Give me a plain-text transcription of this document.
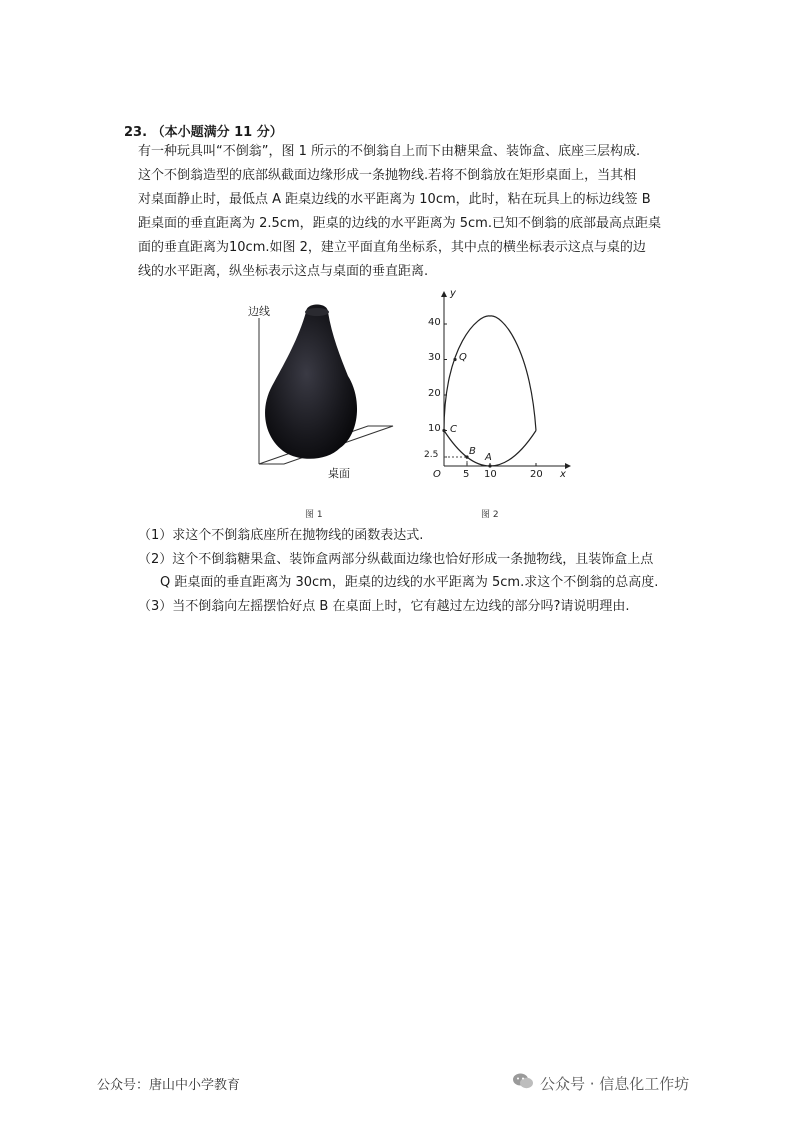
23. （本小题满分 11 分）
有一种玩具叫“不倒翁”，图 1 所示的不倒翁自上而下由糖果盒、装饰盒、底座三层构成.
这个不倒翁造型的底部纵截面边缘形成一条抛物线.若将不倒翁放在矩形桌面上，当其相
对桌面静止时，最低点 A 距桌边线的水平距离为 10cm，此时，粘在玩具上的标边线签 B
距桌面的垂直距离为 2.5cm，距桌的边线的水平距离为 5cm.已知不倒翁的底部最高点距桌
面的垂直距离为10cm.如图 2，建立平面直角坐标系，其中点的横坐标表示这点与桌的边
线的水平距离，纵坐标表示这点与桌面的垂直距离.
边线
桌面
图 1
y
x
O
40
30
20
10
2.5
5 10	20
Q
C
B
A
图 2
（1）求这个不倒翁底座所在抛物线的函数表达式.
（2）这个不倒翁糖果盒、装饰盒两部分纵截面边缘也恰好形成一条抛物线，且装饰盒上点
Q 距桌面的垂直距离为 30cm，距桌的边线的水平距离为 5cm.求这个不倒翁的总高度.
（3）当不倒翁向左摇摆恰好点 B 在桌面上时，它有越过左边线的部分吗?请说明理由.
公众号：唐山中小学教育	公众号 · 信息化工作坊
